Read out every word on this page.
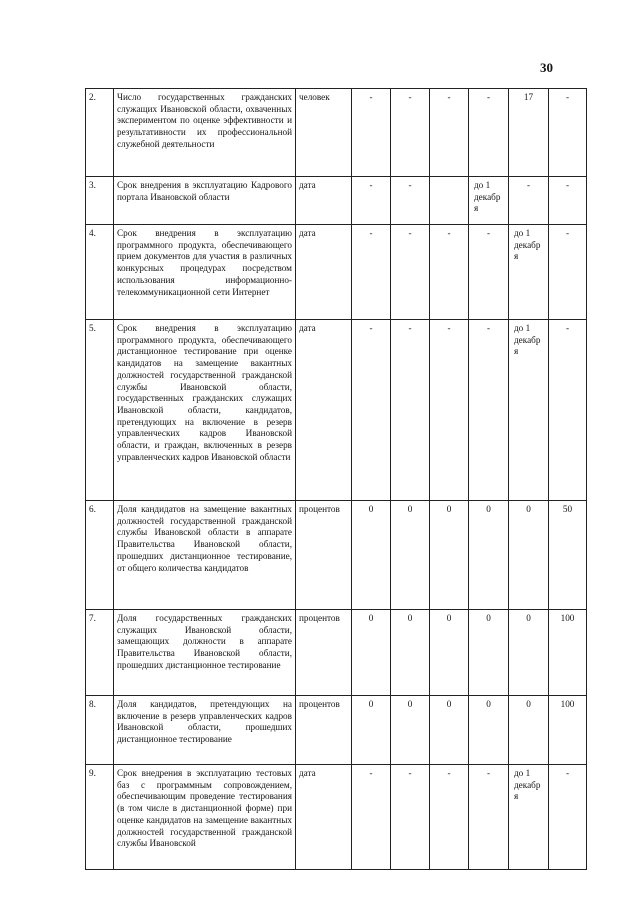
30
2.	Число государственных гражданских служащих Ивановской области, охваченных экспериментом по оценке эффективности и результативности их профессиональной служебной деятельности	человек	-	-	-	-	17	-
3.	Срок внедрения в эксплуатацию Кадрового портала Ивановской области	дата	-	-		до 1 декабр я	-	-
4.	Срок внедрения в эксплуатацию программного продукта, обеспечивающего прием документов для участия в различных конкурсных процедурах посредством использования информационно-телекоммуникационной сети Интернет	дата	-	-	-	-	до 1 декабр я	-
5.	Срок внедрения в эксплуатацию программного продукта, обеспечивающего дистанционное тестирование при оценке кандидатов на замещение вакантных должностей государственной гражданской службы Ивановской области, государственных гражданских служащих Ивановской области, кандидатов, претендующих на включение в резерв управленческих кадров Ивановской области, и граждан, включенных в резерв управленческих кадров Ивановской области	дата	-	-	-	-	до 1 декабр я	-
6.	Доля кандидатов на замещение вакантных должностей государственной гражданской службы Ивановской области в аппарате Правительства Ивановской области, прошедших дистанционное тестирование, от общего количества кандидатов	процентов	0	0	0	0	0	50
7.	Доля государственных гражданских служащих Ивановской области, замещающих должности в аппарате Правительства Ивановской области, прошедших дистанционное тестирование	процентов	0	0	0	0	0	100
8.	Доля кандидатов, претендующих на включение в резерв управленческих кадров Ивановской области, прошедших дистанционное тестирование	процентов	0	0	0	0	0	100
9.	Срок внедрения в эксплуатацию тестовых баз с программным сопровождением, обеспечивающим проведение тестирования (в том числе в дистанционной форме) при оценке кандидатов на замещение вакантных должностей государственной гражданской службы Ивановской	дата	-	-	-	-	до 1 декабр я	-
